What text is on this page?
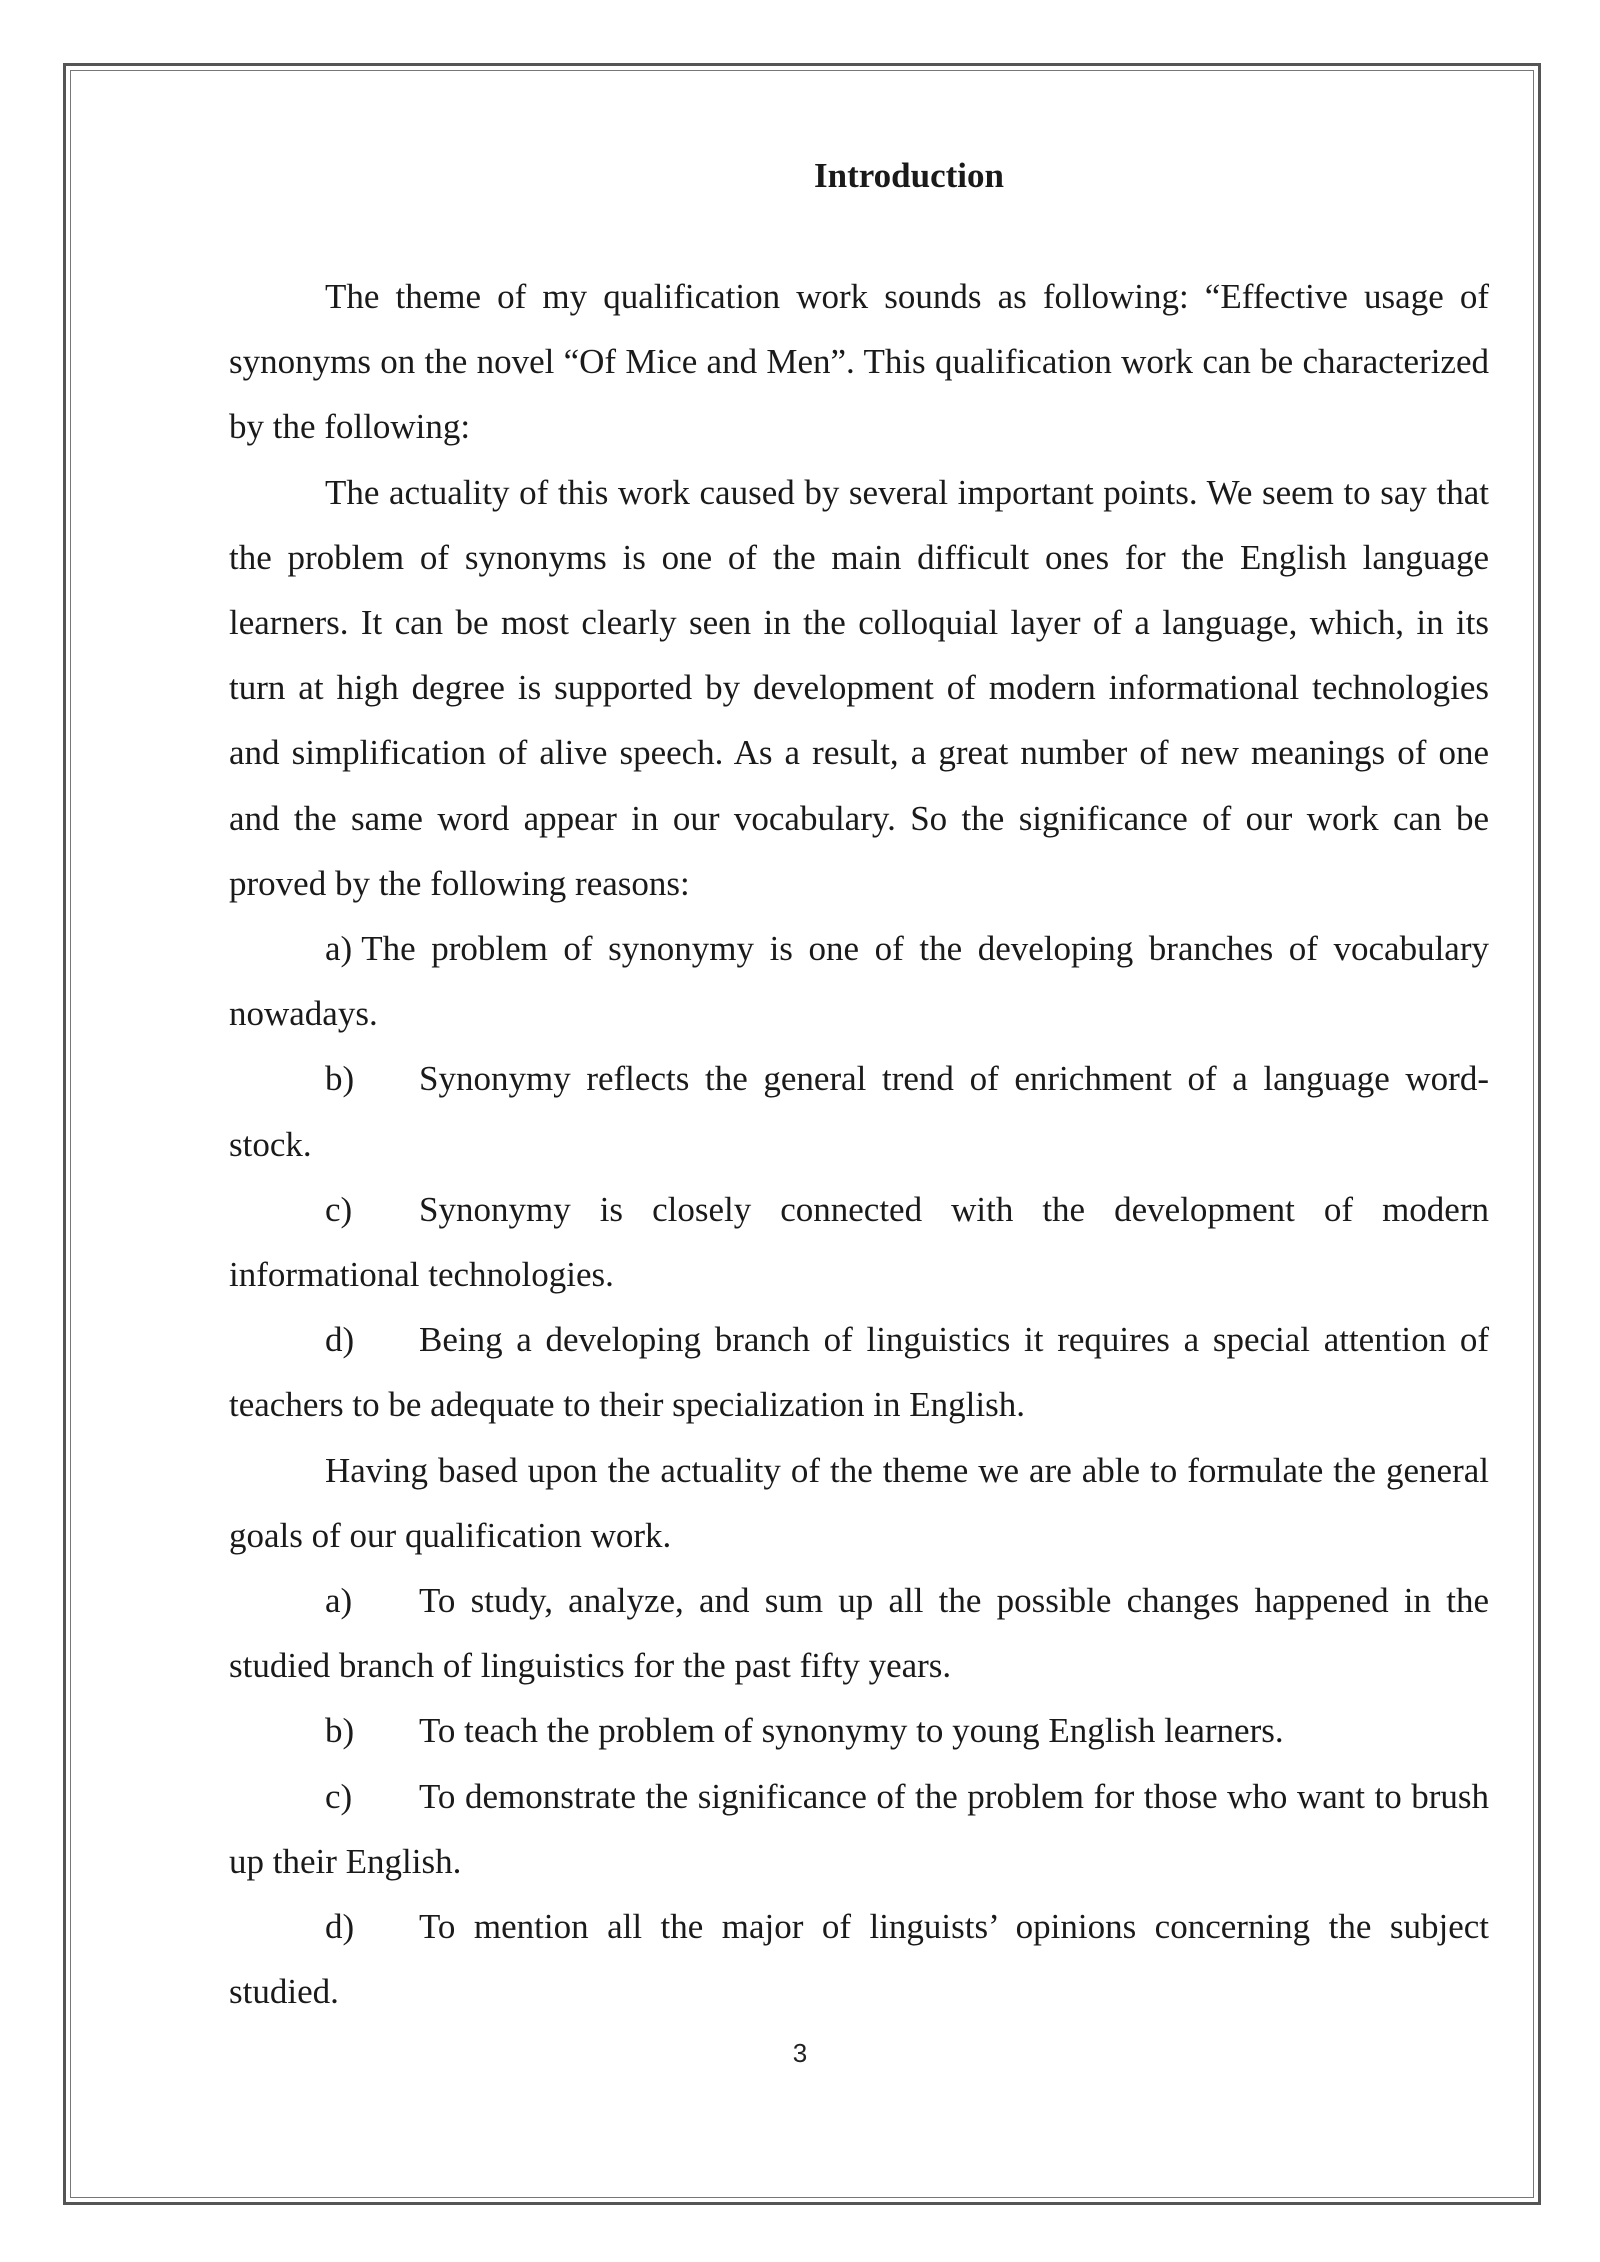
Introduction

The theme of my qualification work sounds as following: “Effective usage of synonyms on the novel “Of Mice and Men”. This qualification work can be characterized by the following:

The actuality of this work caused by several important points. We seem to say that the problem of synonyms is one of the main difficult ones for the English language learners. It can be most clearly seen in the colloquial layer of a language, which, in its turn at high degree is supported by development of modern informational technologies and simplification of alive speech. As a result, a great number of new meanings of one and the same word appear in our vocabulary. So the significance of our work can be proved by the following reasons:

a) The problem of synonymy is one of the developing branches of vocabulary nowadays.

b) Synonymy reflects the general trend of enrichment of a language word-stock.

c) Synonymy is closely connected with the development of modern informational technologies.

d) Being a developing branch of linguistics it requires a special attention of teachers to be adequate to their specialization in English.

Having based upon the actuality of the theme we are able to formulate the general goals of our qualification work.

a) To study, analyze, and sum up all the possible changes happened in the studied branch of linguistics for the past fifty years.

b) To teach the problem of synonymy to young English learners.

c) To demonstrate the significance of the problem for those who want to brush up their English.

d) To mention all the major of linguists’ opinions concerning the subject studied.

3
